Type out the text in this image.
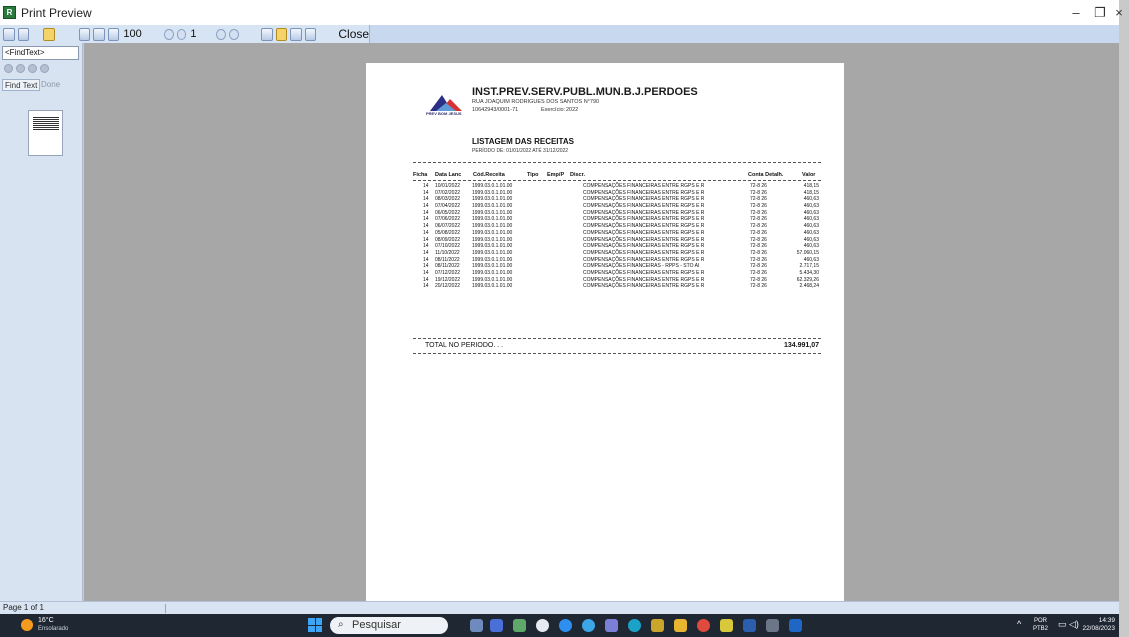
R Print Preview	–	❐ ×
100	1	Close
<FindText>
Find Text Done
PREV BOM JESUS
INST.PREV.SERV.PUBL.MUN.B.J.PERDOES
RUA JOAQUIM RODRIGUES DOS SANTOS N°790
10642943/0001-71	Exercício: 2022
LISTAGEM DAS RECEITAS
PERÍODO DE: 01/01/2022 ATÉ 31/12/2022
Ficha Data Lanc Cód.Receita	Tipo Emp/P Discr.	Conta Detalh.	Valor
14 10/01/2022 1999.03.0.1.01.00	COMPENSAÇÕES FINANCEIRAS ENTRE RGPS E R	72-8 26	418,15
14 07/02/2022 1999.03.0.1.01.00	COMPENSAÇÕES FINANCEIRAS ENTRE RGPS E R	72-8 26	418,15
14 08/03/2022 1999.03.0.1.01.00	COMPENSAÇÕES FINANCEIRAS ENTRE RGPS E R	72-8 26	460,63
14 07/04/2022 1999.03.0.1.01.00	COMPENSAÇÕES FINANCEIRAS ENTRE RGPS E R	72-8 26	460,63
14 06/05/2022 1999.03.0.1.01.00	COMPENSAÇÕES FINANCEIRAS ENTRE RGPS E R	72-8 26	460,63
14 07/06/2022 1999.03.0.1.01.00	COMPENSAÇÕES FINANCEIRAS ENTRE RGPS E R	72-8 26	460,63
14 06/07/2022 1999.03.0.1.01.00	COMPENSAÇÕES FINANCEIRAS ENTRE RGPS E R	72-8 26	460,63
14 05/08/2022 1999.03.0.1.01.00	COMPENSAÇÕES FINANCEIRAS ENTRE RGPS E R	72-8 26	460,63
14 08/09/2022 1999.03.0.1.01.00	COMPENSAÇÕES FINANCEIRAS ENTRE RGPS E R	72-8 26	460,63
14 07/10/2022 1999.03.0.1.01.00	COMPENSAÇÕES FINANCEIRAS ENTRE RGPS E R	72-8 26	460,63
14 11/10/2022 1999.03.0.1.01.00	COMPENSAÇÕES FINANCEIRAS ENTRE RGPS E R	72-8 26	57.060,15
14 08/11/2022 1999.03.0.1.01.00	COMPENSAÇÕES FINANCEIRAS ENTRE RGPS E R	72-8 26	460,63
14 08/11/2022 1999.03.0.1.01.00	COMPENSAÇÕES FINANCEIRAS - RPPS - STO AI	72-8 26	2.717,15
14 07/12/2022 1999.03.0.1.01.00	COMPENSAÇÕES FINANCEIRAS ENTRE RGPS E R	72-8 26	5.434,30
14 19/12/2022 1999.03.0.1.01.00	COMPENSAÇÕES FINANCEIRAS ENTRE RGPS E R	72-8 26	62.329,26
14 20/12/2022 1999.03.0.1.01.00	COMPENSAÇÕES FINANCEIRAS ENTRE RGPS E R	72-8 26	2.468,24
TOTAL NO PERIODO. . .	134.991,07
Page 1 of 1
16°C
Ensolarado	⌕ Pesquisar	^ POR
PTB2 ▭ ◁)	14:39
22/08/2023
